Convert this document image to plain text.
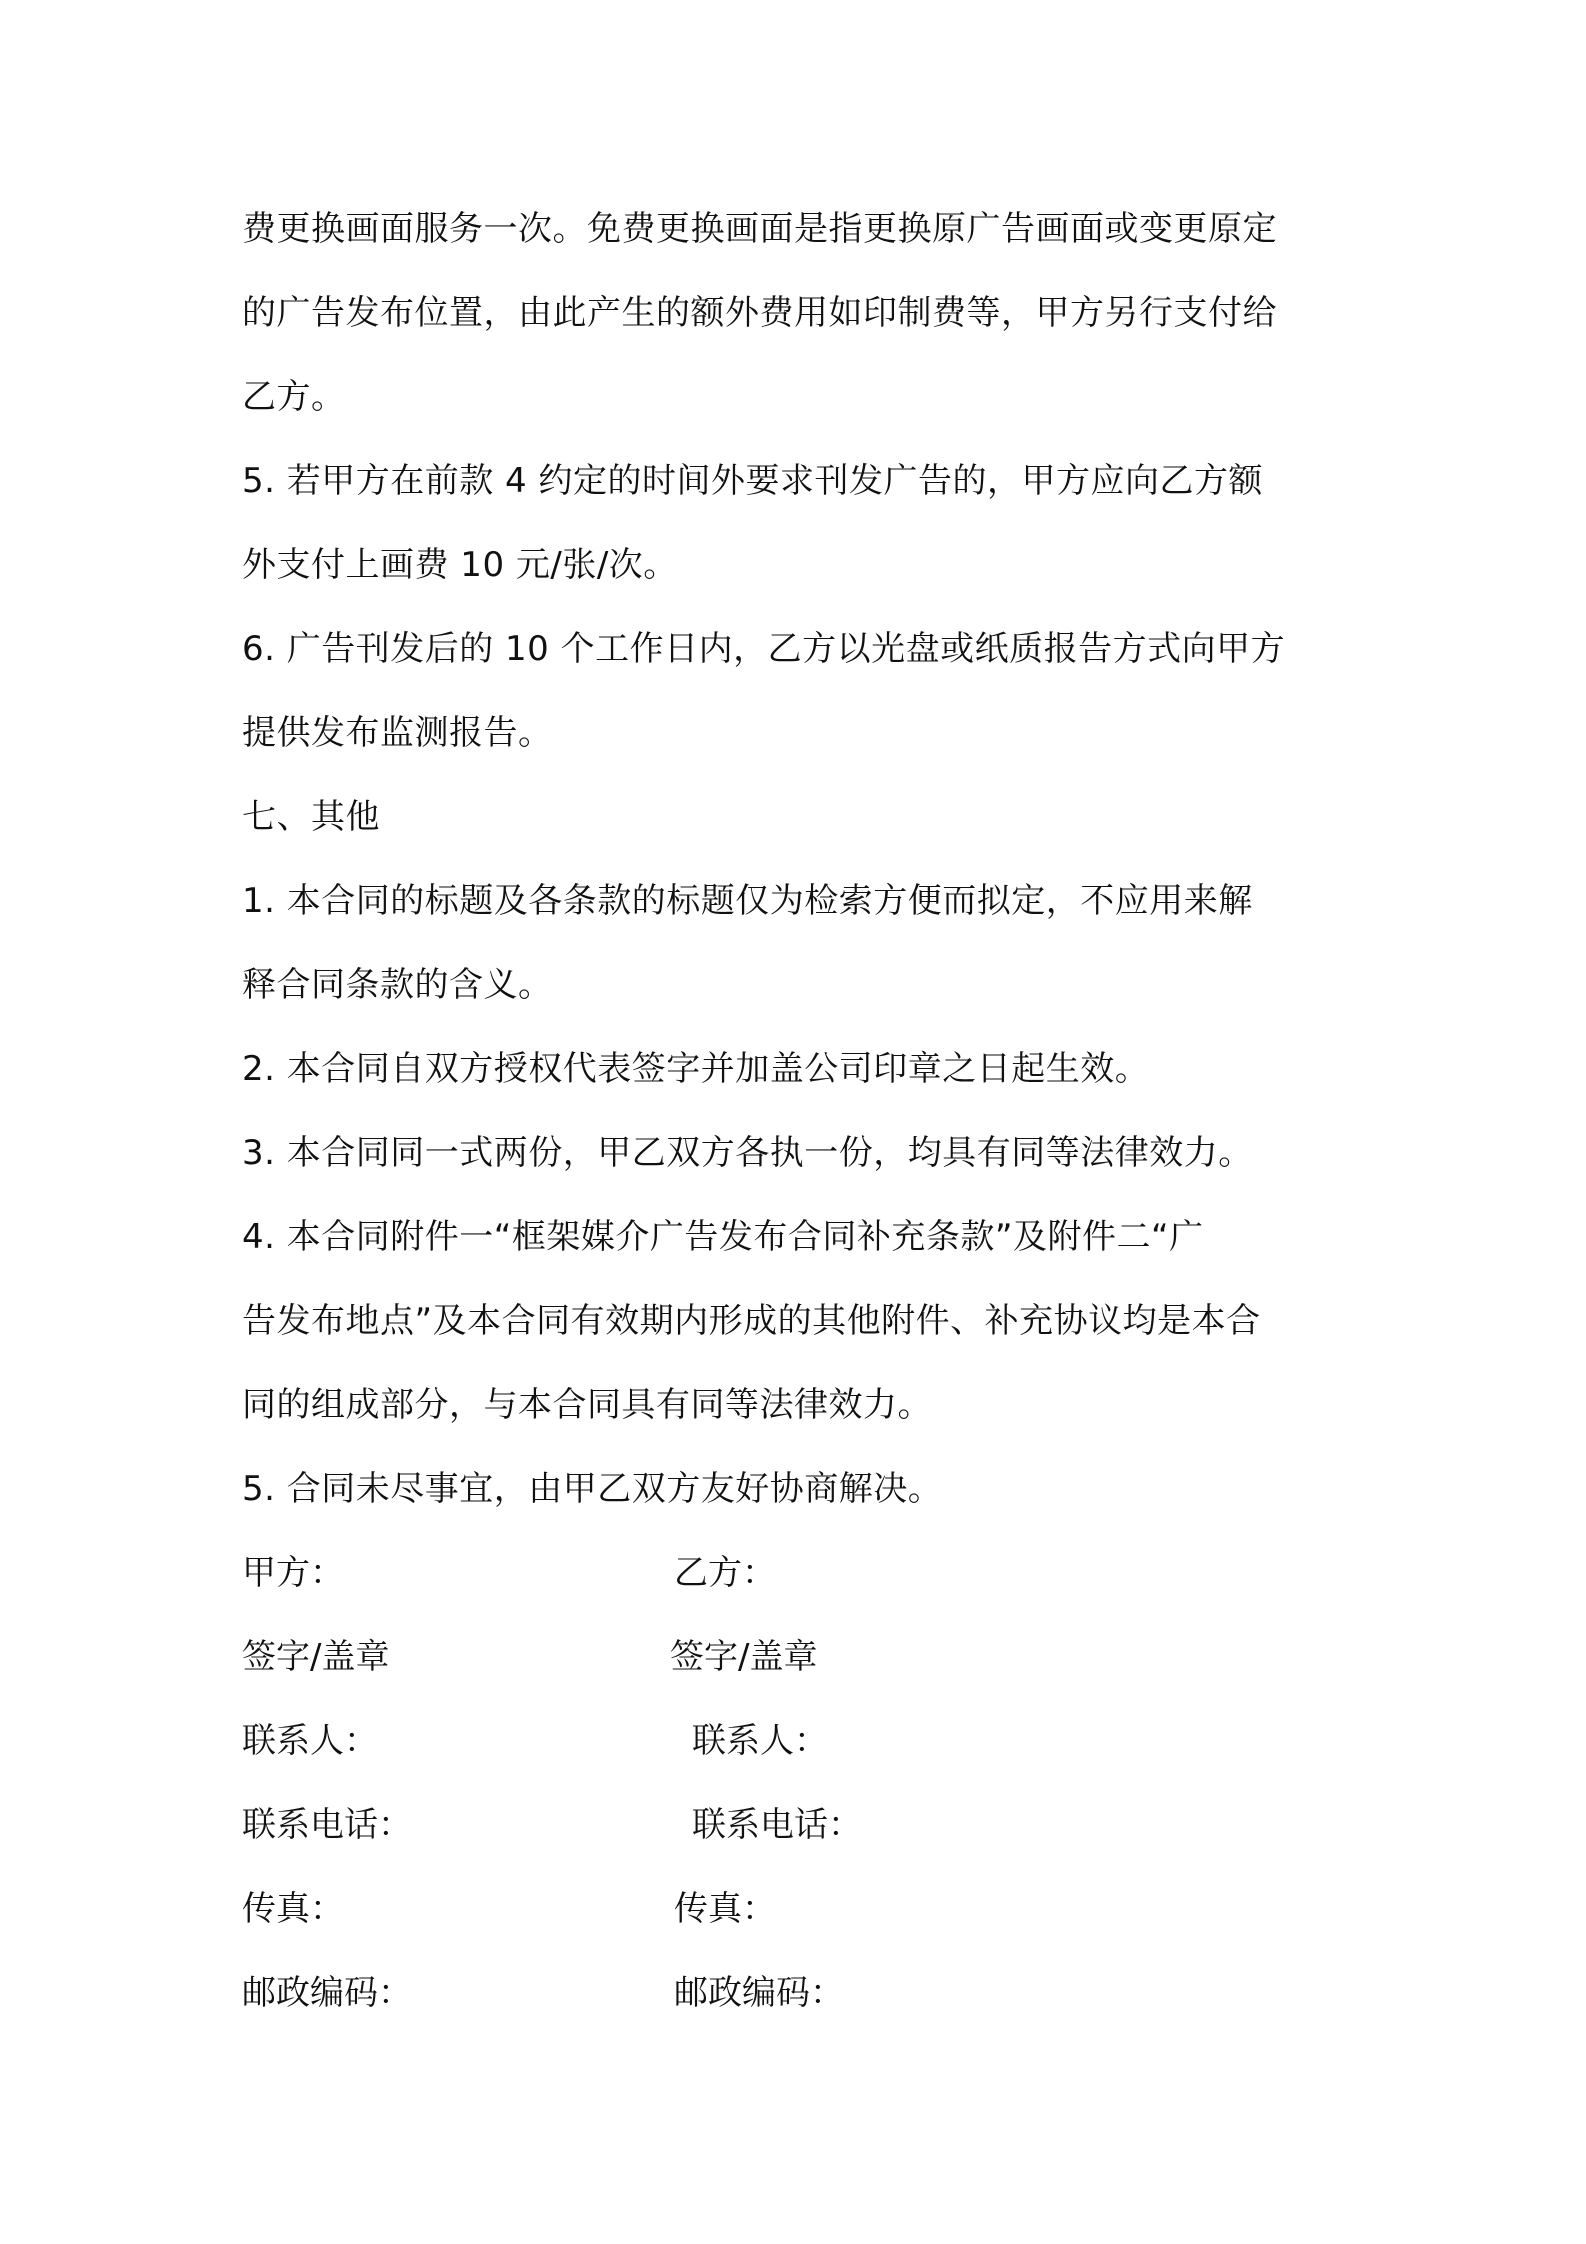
费更换画面服务一次。免费更换画面是指更换原广告画面或变更原定
的广告发布位置，由此产生的额外费用如印制费等，甲方另行支付给
乙方。
5. 若甲方在前款 4 约定的时间外要求刊发广告的，甲方应向乙方额
外支付上画费 10 元/张/次。
6. 广告刊发后的 10 个工作日内，乙方以光盘或纸质报告方式向甲方
提供发布监测报告。
七、其他
1. 本合同的标题及各条款的标题仅为检索方便而拟定，不应用来解
释合同条款的含义。
2. 本合同自双方授权代表签字并加盖公司印章之日起生效。
3. 本合同同一式两份，甲乙双方各执一份，均具有同等法律效力。
4. 本合同附件一“框架媒介广告发布合同补充条款”及附件二“广
告发布地点”及本合同有效期内形成的其他附件、补充协议均是本合
同的组成部分，与本合同具有同等法律效力。
5. 合同未尽事宜，由甲乙双方友好协商解决。
甲方：
签字/盖章
联系人：
联系电话：
传真：
邮政编码：
乙方：
签字/盖章
联系人：
联系电话：
传真：
邮政编码：
